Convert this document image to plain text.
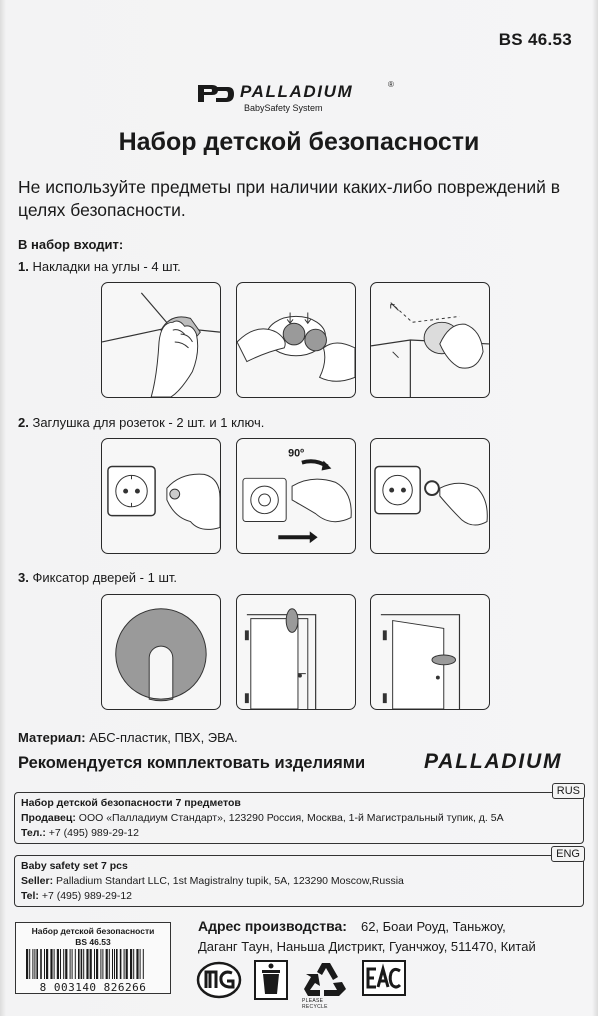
BS 46.53
PALLADIUM	®
BabySafety System
Набор детской безопасности
Не используйте предметы при наличии каких-либо повреждений в целях безопасности.
В набор входит:
1. Накладки на углы - 4 шт.
2. Заглушка для розеток - 2 шт. и 1 ключ.
90º
3. Фиксатор дверей - 1 шт.
Материал: АБС-пластик, ПВХ, ЭВА.
Рекомендуется комплектовать изделиями	PALLADIUM
RUS
Набор детской безопасности 7 предметов
Продавец: ООО «Палладиум Стандарт», 123290 Россия, Москва, 1-й Магистральный тупик, д. 5А
Тел.: +7 (495) 989-29-12
ENG
Baby safety set 7 pcs
Seller: Palladium Standart LLC, 1st Magistralny tupik, 5A, 123290 Moscow,Russia
Tel: +7 (495) 989-29-12
Набор детской безопасности
BS 46.53
8 003140 826266
Адрес производства: 62, Боаи Роуд, Таньжоу,
Даганг Таун, Наньша Дистрикт, Гуанчжоу, 511470, Китай
PLEASE RECYCLE
